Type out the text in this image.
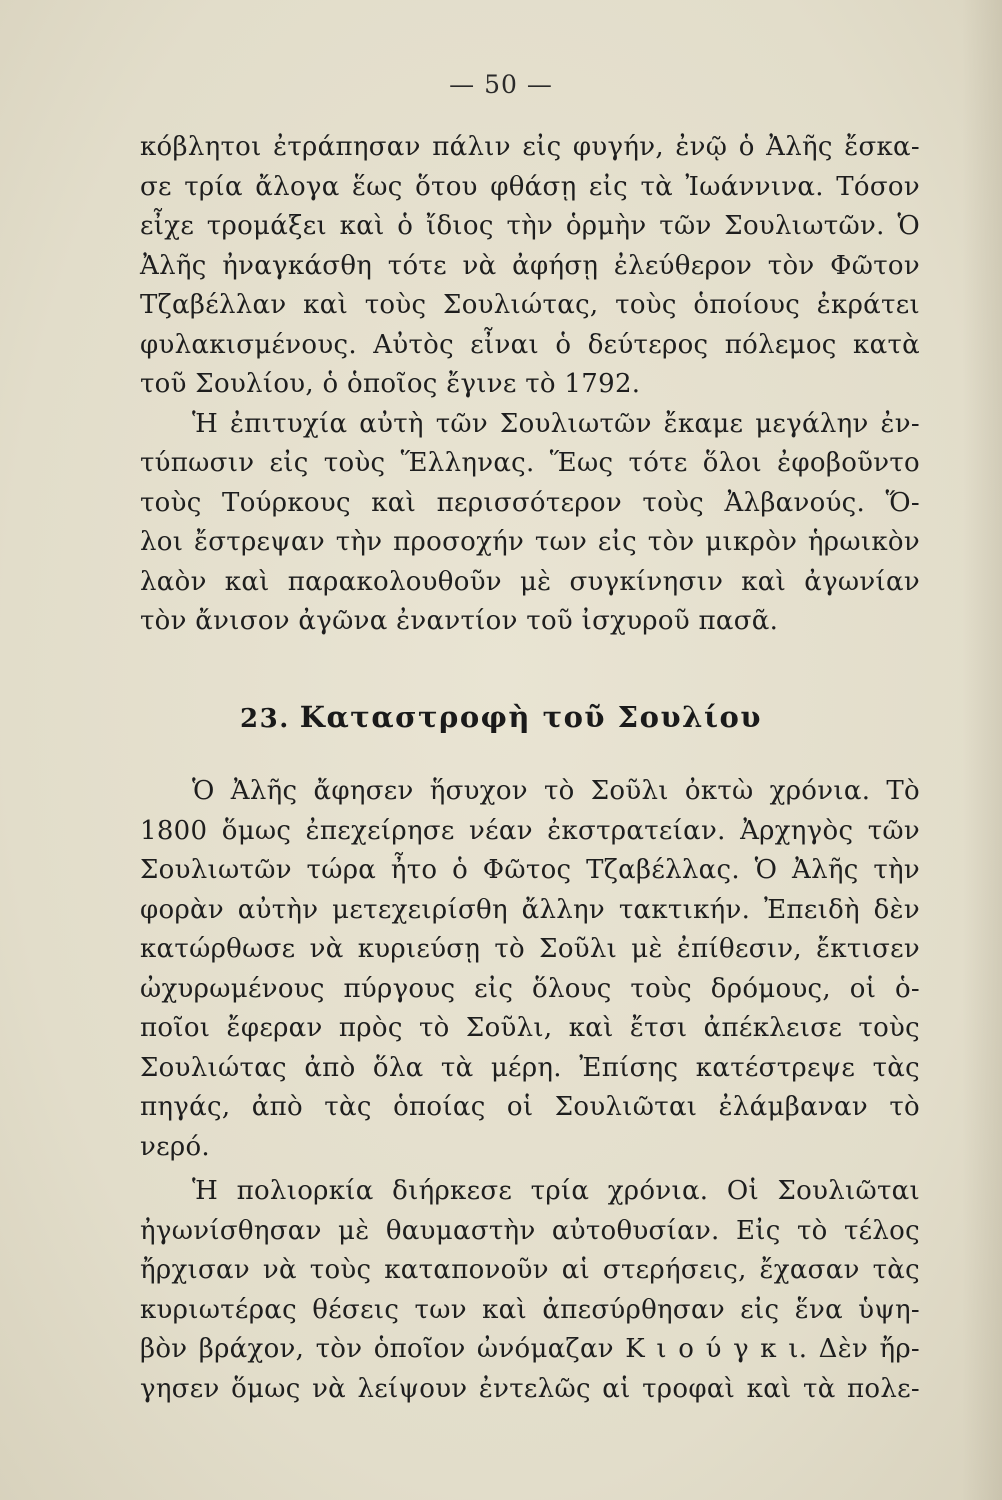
— 50 —
κόβλητοι ἐτράπησαν πάλιν εἰς φυγήν, ἐνῷ ὁ Ἀλῆς ἔσκα-
σε τρία ἄλογα ἕως ὅτου φθάσῃ εἰς τὰ Ἰωάννινα. Τόσον
εἶχε τρομάξει καὶ ὁ ἴδιος τὴν ὁρμὴν τῶν Σουλιωτῶν. Ὁ
Ἀλῆς ἠναγκάσθη τότε νὰ ἀφήσῃ ἐλεύθερον τὸν Φῶτον
Τζαβέλλαν καὶ τοὺς Σουλιώτας, τοὺς ὁποίους ἐκράτει
φυλακισμένους. Αὐτὸς εἶναι ὁ δεύτερος πόλεμος κατὰ
τοῦ Σουλίου, ὁ ὁποῖος ἔγινε τὸ 1792.
Ἡ ἐπιτυχία αὐτὴ τῶν Σουλιωτῶν ἔκαμε μεγάλην ἐν-
τύπωσιν εἰς τοὺς Ἕλληνας. Ἕως τότε ὅλοι ἐφοβοῦντο
τοὺς Τούρκους καὶ περισσότερον τοὺς Ἀλβανούς. Ὅ-
λοι ἔστρεψαν τὴν προσοχήν των εἰς τὸν μικρὸν ἡρωικὸν
λαὸν καὶ παρακολουθοῦν μὲ συγκίνησιν καὶ ἀγωνίαν
τὸν ἄνισον ἀγῶνα ἐναντίον τοῦ ἰσχυροῦ πασᾶ.
23. Καταστροφὴ τοῦ Σουλίου
Ὁ Ἀλῆς ἄφησεν ἥσυχον τὸ Σοῦλι ὀκτὼ χρόνια. Τὸ
1800 ὅμως ἐπεχείρησε νέαν ἐκστρατείαν. Ἀρχηγὸς τῶν
Σουλιωτῶν τώρα ἦτο ὁ Φῶτος Τζαβέλλας. Ὁ Ἀλῆς τὴν
φορὰν αὐτὴν μετεχειρίσθη ἄλλην τακτικήν. Ἐπειδὴ δὲν
κατώρθωσε νὰ κυριεύσῃ τὸ Σοῦλι μὲ ἐπίθεσιν, ἔκτισεν
ὠχυρωμένους πύργους εἰς ὅλους τοὺς δρόμους, οἱ ὁ-
ποῖοι ἔφεραν πρὸς τὸ Σοῦλι, καὶ ἔτσι ἀπέκλεισε τοὺς
Σουλιώτας ἀπὸ ὅλα τὰ μέρη. Ἐπίσης κατέστρεψε τὰς
πηγάς, ἀπὸ τὰς ὁποίας οἱ Σουλιῶται ἐλάμβαναν τὸ
νερό.
Ἡ πολιορκία διήρκεσε τρία χρόνια. Οἱ Σουλιῶται
ἠγωνίσθησαν μὲ θαυμαστὴν αὐτοθυσίαν. Εἰς τὸ τέλος
ἤρχισαν νὰ τοὺς καταπονοῦν αἱ στερήσεις, ἔχασαν τὰς
κυριωτέρας θέσεις των καὶ ἀπεσύρθησαν εἰς ἕνα ὑψη-
βὸν βράχον, τὸν ὁποῖον ὠνόμαζαν Κ ι ο ύ γ κ ι. Δὲν ἤρ-
γησεν ὅμως νὰ λείψουν ἐντελῶς αἱ τροφαὶ καὶ τὰ πολε-
